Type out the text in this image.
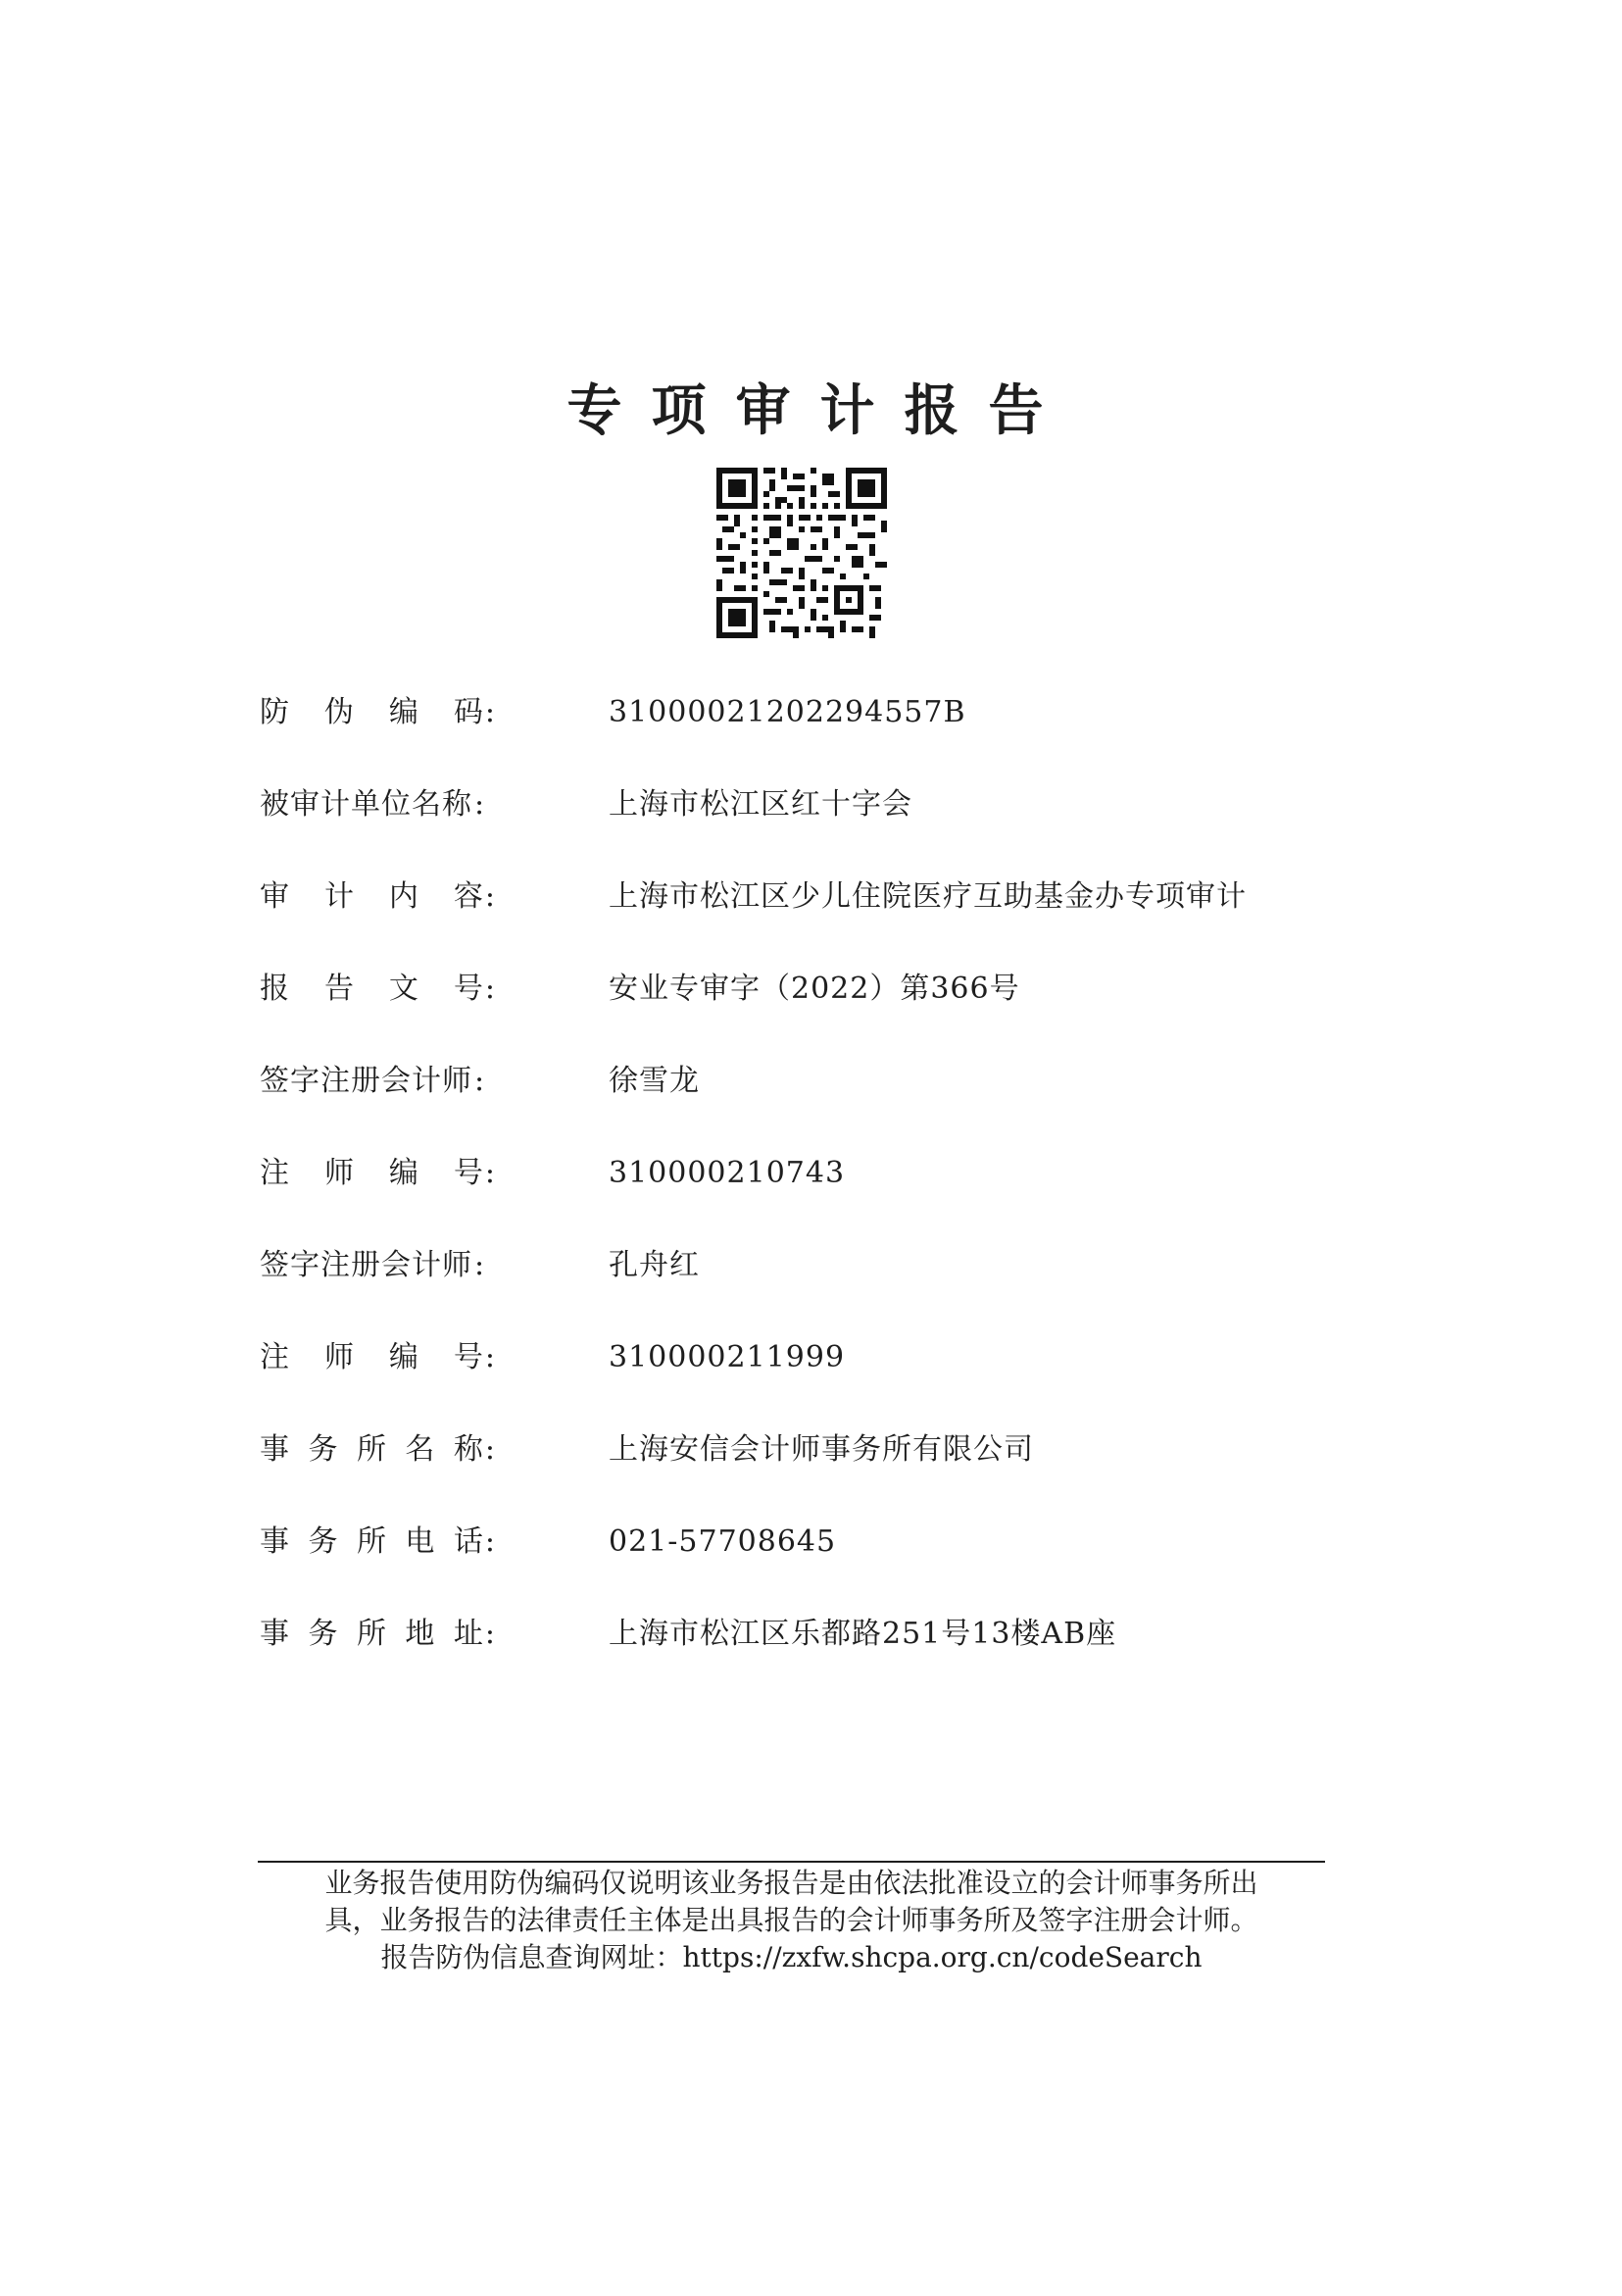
专项审计报告
防 伪 编 码:	31000021202294557B
被审计单位名称 :	上海市松江区红十字会
审 计 内 容:	上海市松江区少儿住院医疗互助基金办专项审计
报 告 文 号:	安业专审字（2022）第366号
签字注册会计师 :	徐雪龙
注 师 编 号:	310000210743
签字注册会计师 :	孔舟红
注 师 编 号:	310000211999
事 务 所 名 称:	上海安信会计师事务所有限公司
事 务 所 电 话:	021-57708645
事 务 所 地 址:	上海市松江区乐都路251号13楼AB座

业务报告使用防伪编码仅说明该业务报告是由依法批准设立的会计师事务所出

具，业务报告的法律责任主体是出具报告的会计师事务所及签字注册会计师。

报告防伪信息查询网址：https://zxfw.shcpa.org.cn/codeSearch
